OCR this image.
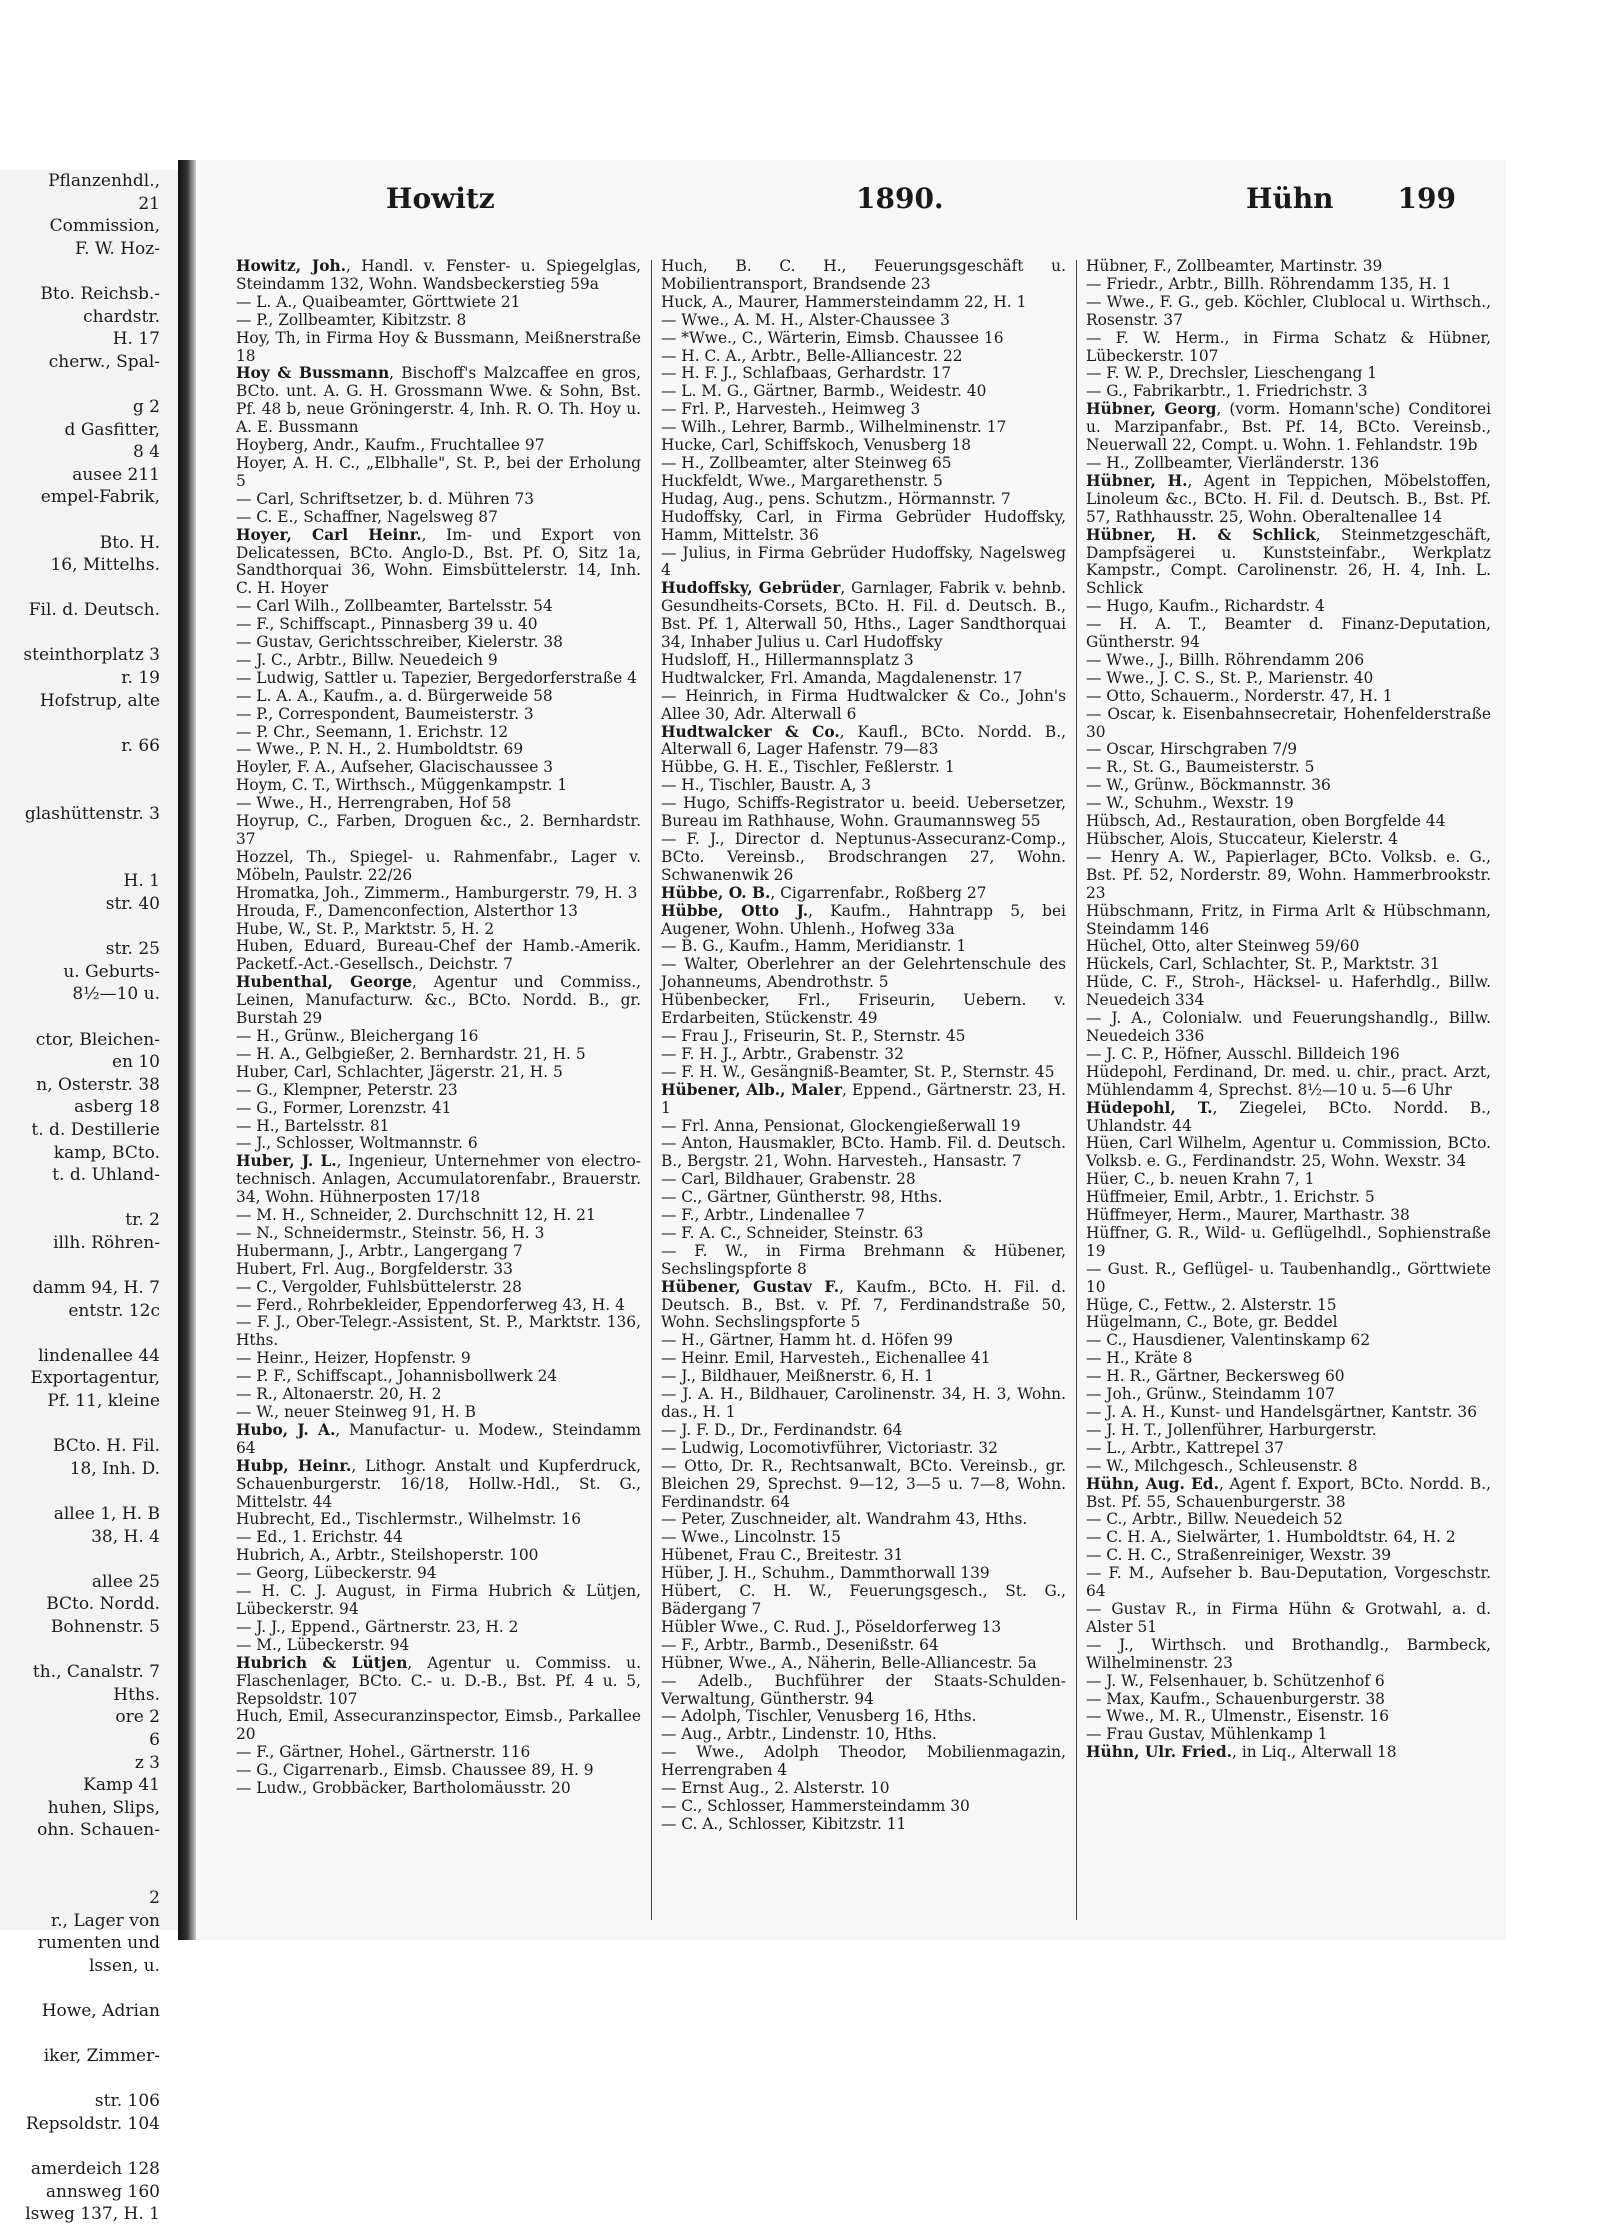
Pflanzenhdl.,
21
Commission,
F. W. Hoz-

Bto. Reichsb.-
chardstr.
H. 17
cherw., Spal-

g 2
d Gasfitter,
8 4
ausee 211
empel-Fabrik,

Bto. H.
16, Mittelhs.

Fil. d. Deutsch.

steinthorplatz 3
r. 19
Hofstrup, alte

r. 66

glashüttenstr. 3

H. 1
str. 40

str. 25
u. Geburts-
8½—10 u.

ctor, Bleichen-
en 10
n, Osterstr. 38
asberg 18
t. d. Destillerie
kamp, BCto.
t. d. Uhland-

tr. 2
illh. Röhren-

damm 94, H. 7
entstr. 12c

lindenallee 44
Exportagentur,
Pf. 11, kleine

BCto. H. Fil.
18, Inh. D.

allee 1, H. B
38, H. 4

allee 25
BCto. Nordd.
Bohnenstr. 5

th., Canalstr. 7
Hths.
ore 2
6
z 3
Kamp 41
huhen, Slips,
ohn. Schauen-

2
r., Lager von
rumenten und
lssen, u.

Howe, Adrian

iker, Zimmer-

str. 106
Repsoldstr. 104

amerdeich 128
annsweg 160
lsweg 137, H. 1
Howitz	1890.	Hühn 199
Howitz, Joh., Handl. v. Fenster- u. Spiegelglas, Steindamm 132, Wohn. Wandsbeckerstieg 59a
— L. A., Quaibeamter, Görttwiete 21
— P., Zollbeamter, Kibitzstr. 8
Hoy, Th, in Firma Hoy & Bussmann, Meißnerstraße 18
Hoy & Bussmann, Bischoff's Malzcaffee en gros, BCto. unt. A. G. H. Grossmann Wwe. & Sohn, Bst. Pf. 48 b, neue Gröningerstr. 4, Inh. R. O. Th. Hoy u. A. E. Bussmann
Hoyberg, Andr., Kaufm., Fruchtallee 97
Hoyer, A. H. C., „Elbhalle", St. P., bei der Erholung 5
— Carl, Schriftsetzer, b. d. Mühren 73
— C. E., Schaffner, Nagelsweg 87
Hoyer, Carl Heinr., Im- und Export von Delicatessen, BCto. Anglo-D., Bst. Pf. O, Sitz 1a, Sandthorquai 36, Wohn. Eimsbüttelerstr. 14, Inh. C. H. Hoyer
— Carl Wilh., Zollbeamter, Bartelsstr. 54
— F., Schiffscapt., Pinnasberg 39 u. 40
— Gustav, Gerichtsschreiber, Kielerstr. 38
— J. C., Arbtr., Billw. Neuedeich 9
— Ludwig, Sattler u. Tapezier, Bergedorferstraße 4
— L. A. A., Kaufm., a. d. Bürgerweide 58
— P., Correspondent, Baumeisterstr. 3
— P. Chr., Seemann, 1. Erichstr. 12
— Wwe., P. N. H., 2. Humboldtstr. 69
Hoyler, F. A., Aufseher, Glacischaussee 3
Hoym, C. T., Wirthsch., Müggenkampstr. 1
— Wwe., H., Herrengraben, Hof 58
Hoyrup, C., Farben, Droguen &c., 2. Bernhardstr. 37
Hozzel, Th., Spiegel- u. Rahmenfabr., Lager v. Möbeln, Paulstr. 22/26
Hromatka, Joh., Zimmerm., Hamburgerstr. 79, H. 3
Hrouda, F., Damenconfection, Alsterthor 13
Hube, W., St. P., Marktstr. 5, H. 2
Huben, Eduard, Bureau-Chef der Hamb.-Amerik. Packetf.-Act.-Gesellsch., Deichstr. 7
Hubenthal, George, Agentur und Commiss., Leinen, Manufacturw. &c., BCto. Nordd. B., gr. Burstah 29
— H., Grünw., Bleichergang 16
— H. A., Gelbgießer, 2. Bernhardstr. 21, H. 5
Huber, Carl, Schlachter, Jägerstr. 21, H. 5
— G., Klempner, Peterstr. 23
— G., Former, Lorenzstr. 41
— H., Bartelsstr. 81
— J., Schlosser, Woltmannstr. 6
Huber, J. L., Ingenieur, Unternehmer von electro-technisch. Anlagen, Accumulatorenfabr., Brauerstr. 34, Wohn. Hühnerposten 17/18
— M. H., Schneider, 2. Durchschnitt 12, H. 21
— N., Schneidermstr., Steinstr. 56, H. 3
Hubermann, J., Arbtr., Langergang 7
Hubert, Frl. Aug., Borgfelderstr. 33
— C., Vergolder, Fuhlsbüttelerstr. 28
— Ferd., Rohrbekleider, Eppendorferweg 43, H. 4
— F. J., Ober-Telegr.-Assistent, St. P., Marktstr. 136, Hths.
— Heinr., Heizer, Hopfenstr. 9
— P. F., Schiffscapt., Johannisbollwerk 24
— R., Altonaerstr. 20, H. 2
— W., neuer Steinweg 91, H. B
Hubo, J. A., Manufactur- u. Modew., Steindamm 64
Hubp, Heinr., Lithogr. Anstalt und Kupferdruck, Schauenburgerstr. 16/18, Hollw.-Hdl., St. G., Mittelstr. 44
Hubrecht, Ed., Tischlermstr., Wilhelmstr. 16
— Ed., 1. Erichstr. 44
Hubrich, A., Arbtr., Steilshoperstr. 100
— Georg, Lübeckerstr. 94
— H. C. J. August, in Firma Hubrich & Lütjen, Lübeckerstr. 94
— J. J., Eppend., Gärtnerstr. 23, H. 2
— M., Lübeckerstr. 94
Hubrich & Lütjen, Agentur u. Commiss. u. Flaschenlager, BCto. C.- u. D.-B., Bst. Pf. 4 u. 5, Repsoldstr. 107
Huch, Emil, Assecuranzinspector, Eimsb., Parkallee 20
— F., Gärtner, Hohel., Gärtnerstr. 116
— G., Cigarrenarb., Eimsb. Chaussee 89, H. 9
— Ludw., Grobbäcker, Bartholomäusstr. 20
Huch, B. C. H., Feuerungsgeschäft u. Mobilientransport, Brandsende 23
Huck, A., Maurer, Hammersteindamm 22, H. 1
— Wwe., A. M. H., Alster-Chaussee 3
— *Wwe., C., Wärterin, Eimsb. Chaussee 16
— H. C. A., Arbtr., Belle-Alliancestr. 22
— H. F. J., Schlafbaas, Gerhardstr. 17
— L. M. G., Gärtner, Barmb., Weidestr. 40
— Frl. P., Harvesteh., Heimweg 3
— Wilh., Lehrer, Barmb., Wilhelminenstr. 17
Hucke, Carl, Schiffskoch, Venusberg 18
— H., Zollbeamter, alter Steinweg 65
Huckfeldt, Wwe., Margarethenstr. 5
Hudag, Aug., pens. Schutzm., Hörmannstr. 7
Hudoffsky, Carl, in Firma Gebrüder Hudoffsky, Hamm, Mittelstr. 36
— Julius, in Firma Gebrüder Hudoffsky, Nagelsweg 4
Hudoffsky, Gebrüder, Garnlager, Fabrik v. behnb. Gesundheits-Corsets, BCto. H. Fil. d. Deutsch. B., Bst. Pf. 1, Alterwall 50, Hths., Lager Sandthorquai 34, Inhaber Julius u. Carl Hudoffsky
Hudsloff, H., Hillermannsplatz 3
Hudtwalcker, Frl. Amanda, Magdalenenstr. 17
— Heinrich, in Firma Hudtwalcker & Co., John's Allee 30, Adr. Alterwall 6
Hudtwalcker & Co., Kaufl., BCto. Nordd. B., Alterwall 6, Lager Hafenstr. 79—83
Hübbe, G. H. E., Tischler, Feßlerstr. 1
— H., Tischler, Baustr. A, 3
— Hugo, Schiffs-Registrator u. beeid. Uebersetzer, Bureau im Rathhause, Wohn. Graumannsweg 55
— F. J., Director d. Neptunus-Assecuranz-Comp., BCto. Vereinsb., Brodschrangen 27, Wohn. Schwanenwik 26
Hübbe, O. B., Cigarrenfabr., Roßberg 27
Hübbe, Otto J., Kaufm., Hahntrapp 5, bei Augener, Wohn. Uhlenh., Hofweg 33a
— B. G., Kaufm., Hamm, Meridianstr. 1
— Walter, Oberlehrer an der Gelehrtenschule des Johanneums, Abendrothstr. 5
Hübenbecker, Frl., Friseurin, Uebern. v. Erdarbeiten, Stückenstr. 49
— Frau J., Friseurin, St. P., Sternstr. 45
— F. H. J., Arbtr., Grabenstr. 32
— F. H. W., Gesängniß-Beamter, St. P., Sternstr. 45
Hübener, Alb., Maler, Eppend., Gärtnerstr. 23, H. 1
— Frl. Anna, Pensionat, Glockengießerwall 19
— Anton, Hausmakler, BCto. Hamb. Fil. d. Deutsch. B., Bergstr. 21, Wohn. Harvesteh., Hansastr. 7
— Carl, Bildhauer, Grabenstr. 28
— C., Gärtner, Güntherstr. 98, Hths.
— F., Arbtr., Lindenallee 7
— F. A. C., Schneider, Steinstr. 63
— F. W., in Firma Brehmann & Hübener, Sechslingspforte 8
Hübener, Gustav F., Kaufm., BCto. H. Fil. d. Deutsch. B., Bst. v. Pf. 7, Ferdinandstraße 50, Wohn. Sechslingspforte 5
— H., Gärtner, Hamm ht. d. Höfen 99
— Heinr. Emil, Harvesteh., Eichenallee 41
— J., Bildhauer, Meißnerstr. 6, H. 1
— J. A. H., Bildhauer, Carolinenstr. 34, H. 3, Wohn. das., H. 1
— J. F. D., Dr., Ferdinandstr. 64
— Ludwig, Locomotivführer, Victoriastr. 32
— Otto, Dr. R., Rechtsanwalt, BCto. Vereinsb., gr. Bleichen 29, Sprechst. 9—12, 3—5 u. 7—8, Wohn. Ferdinandstr. 64
— Peter, Zuschneider, alt. Wandrahm 43, Hths.
— Wwe., Lincolnstr. 15
Hübenet, Frau C., Breitestr. 31
Hüber, J. H., Schuhm., Dammthorwall 139
Hübert, C. H. W., Feuerungsgesch., St. G., Bädergang 7
Hübler Wwe., C. Rud. J., Pöseldorferweg 13
— F., Arbtr., Barmb., Desenißstr. 64
Hübner, Wwe., A., Näherin, Belle-Alliancestr. 5a
— Adelb., Buchführer der Staats-Schulden-Verwaltung, Güntherstr. 94
— Adolph, Tischler, Venusberg 16, Hths.
— Aug., Arbtr., Lindenstr. 10, Hths.
— Wwe., Adolph Theodor, Mobilienmagazin, Herrengraben 4
— Ernst Aug., 2. Alsterstr. 10
— C., Schlosser, Hammersteindamm 30
— C. A., Schlosser, Kibitzstr. 11
Hübner, F., Zollbeamter, Martinstr. 39
— Friedr., Arbtr., Billh. Röhrendamm 135, H. 1
— Wwe., F. G., geb. Köchler, Clublocal u. Wirthsch., Rosenstr. 37
— F. W. Herm., in Firma Schatz & Hübner, Lübeckerstr. 107
— F. W. P., Drechsler, Lieschengang 1
— G., Fabrikarbtr., 1. Friedrichstr. 3
Hübner, Georg, (vorm. Homann'sche) Conditorei u. Marzipanfabr., Bst. Pf. 14, BCto. Vereinsb., Neuerwall 22, Compt. u. Wohn. 1. Fehlandstr. 19b
— H., Zollbeamter, Vierländerstr. 136
Hübner, H., Agent in Teppichen, Möbelstoffen, Linoleum &c., BCto. H. Fil. d. Deutsch. B., Bst. Pf. 57, Rathhausstr. 25, Wohn. Oberaltenallee 14
Hübner, H. & Schlick, Steinmetzgeschäft, Dampfsägerei u. Kunststeinfabr., Werkplatz Kampstr., Compt. Carolinenstr. 26, H. 4, Inh. L. Schlick
— Hugo, Kaufm., Richardstr. 4
— H. A. T., Beamter d. Finanz-Deputation, Güntherstr. 94
— Wwe., J., Billh. Röhrendamm 206
— Wwe., J. C. S., St. P., Marienstr. 40
— Otto, Schauerm., Norderstr. 47, H. 1
— Oscar, k. Eisenbahnsecretair, Hohenfelderstraße 30
— Oscar, Hirschgraben 7/9
— R., St. G., Baumeisterstr. 5
— W., Grünw., Böckmannstr. 36
— W., Schuhm., Wexstr. 19
Hübsch, Ad., Restauration, oben Borgfelde 44
Hübscher, Alois, Stuccateur, Kielerstr. 4
— Henry A. W., Papierlager, BCto. Volksb. e. G., Bst. Pf. 52, Norderstr. 89, Wohn. Hammerbrookstr. 23
Hübschmann, Fritz, in Firma Arlt & Hübschmann, Steindamm 146
Hüchel, Otto, alter Steinweg 59/60
Hückels, Carl, Schlachter, St. P., Marktstr. 31
Hüde, C. F., Stroh-, Häcksel- u. Haferhdlg., Billw. Neuedeich 334
— J. A., Colonialw. und Feuerungshandlg., Billw. Neuedeich 336
— J. C. P., Höfner, Ausschl. Billdeich 196
Hüdepohl, Ferdinand, Dr. med. u. chir., pract. Arzt, Mühlendamm 4, Sprechst. 8½—10 u. 5—6 Uhr
Hüdepohl, T., Ziegelei, BCto. Nordd. B., Uhlandstr. 44
Hüen, Carl Wilhelm, Agentur u. Commission, BCto. Volksb. e. G., Ferdinandstr. 25, Wohn. Wexstr. 34
Hüer, C., b. neuen Krahn 7, 1
Hüffmeier, Emil, Arbtr., 1. Erichstr. 5
Hüffmeyer, Herm., Maurer, Marthastr. 38
Hüffner, G. R., Wild- u. Geflügelhdl., Sophienstraße 19
— Gust. R., Geflügel- u. Taubenhandlg., Görttwiete 10
Hüge, C., Fettw., 2. Alsterstr. 15
Hügelmann, C., Bote, gr. Beddel
— C., Hausdiener, Valentinskamp 62
— H., Kräte 8
— H. R., Gärtner, Beckersweg 60
— Joh., Grünw., Steindamm 107
— J. A. H., Kunst- und Handelsgärtner, Kantstr. 36
— J. H. T., Jollenführer, Harburgerstr.
— L., Arbtr., Kattrepel 37
— W., Milchgesch., Schleusenstr. 8
Hühn, Aug. Ed., Agent f. Export, BCto. Nordd. B., Bst. Pf. 55, Schauenburgerstr. 38
— C., Arbtr., Billw. Neuedeich 52
— C. H. A., Sielwärter, 1. Humboldtstr. 64, H. 2
— C. H. C., Straßenreiniger, Wexstr. 39
— F. M., Aufseher b. Bau-Deputation, Vorgeschstr. 64
— Gustav R., in Firma Hühn & Grotwahl, a. d. Alster 51
— J., Wirthsch. und Brothandlg., Barmbeck, Wilhelminenstr. 23
— J. W., Felsenhauer, b. Schützenhof 6
— Max, Kaufm., Schauenburgerstr. 38
— Wwe., M. R., Ulmenstr., Eisenstr. 16
— Frau Gustav, Mühlenkamp 1
Hühn, Ulr. Fried., in Liq., Alterwall 18
